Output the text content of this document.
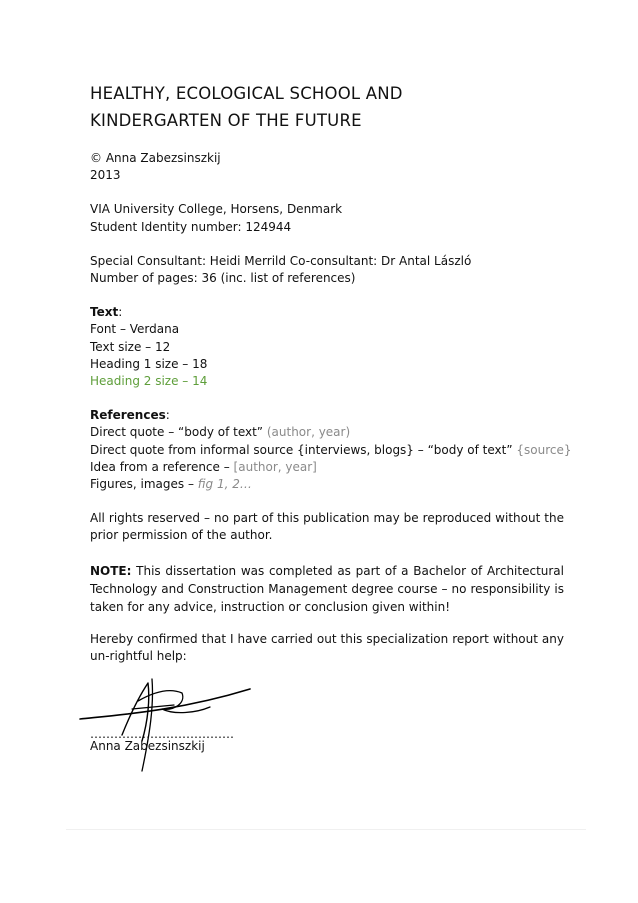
HEALTHY, ECOLOGICAL SCHOOL AND
KINDERGARTEN OF THE FUTURE
© Anna Zabezsinszkij
2013
VIA University College, Horsens, Denmark
Student Identity number: 124944
Special Consultant: Heidi Merrild Co-consultant: Dr Antal László
Number of pages: 36 (inc. list of references)
Text:
Font – Verdana
Text size – 12
Heading 1 size – 18
Heading 2 size – 14
References:
Direct quote – “body of text” (author, year)
Direct quote from informal source {interviews, blogs} – “body of text” {source}
Idea from a reference – [author, year]
Figures, images – fig 1, 2…
All rights reserved – no part of this publication may be reproduced without the prior permission of the author.
NOTE: This dissertation was completed as part of a Bachelor of Architectural Technology and Construction Management degree course – no responsibility is taken for any advice, instruction or conclusion given within!
Hereby confirmed that I have carried out this specialization report without any un-rightful help:
………………………………
Anna Zabezsinszkij
